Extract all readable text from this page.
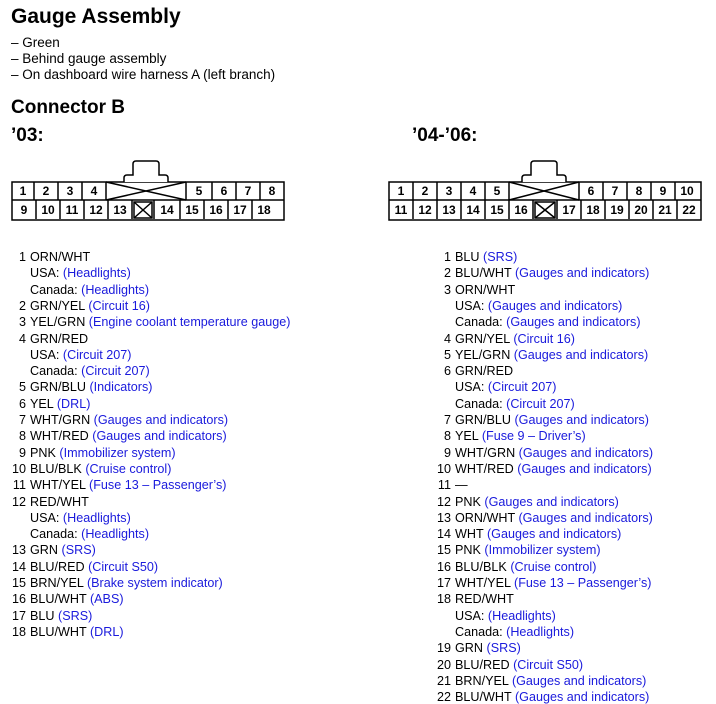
Gauge Assembly
– Green
– Behind gauge assembly
– On dashboard wire harness A (left branch)
Connector B
’03:	’04-’06:
1 2 3 4	5 6 7 8
9 10 11 12 13	14 15 16 17 18
1 2 3 4 5	6 7 8 9 10
11 12 13 14 15 16	17 18 19 20 21 22
1 ORN/WHT
USA: (Headlights)
Canada: (Headlights)
2 GRN/YEL (Circuit 16)
3 YEL/GRN (Engine coolant temperature gauge)
4 GRN/RED
USA: (Circuit 207)
Canada: (Circuit 207)
5 GRN/BLU (Indicators)
6 YEL (DRL)
7 WHT/GRN (Gauges and indicators)
8 WHT/RED (Gauges and indicators)
9 PNK (Immobilizer system)
10 BLU/BLK (Cruise control)
11 WHT/YEL (Fuse 13 – Passenger’s)
12 RED/WHT
USA: (Headlights)
Canada: (Headlights)
13 GRN (SRS)
14 BLU/RED (Circuit S50)
15 BRN/YEL (Brake system indicator)
16 BLU/WHT (ABS)
17 BLU (SRS)
18 BLU/WHT (DRL)
1 BLU (SRS)
2 BLU/WHT (Gauges and indicators)
3 ORN/WHT
USA: (Gauges and indicators)
Canada: (Gauges and indicators)
4 GRN/YEL (Circuit 16)
5 YEL/GRN (Gauges and indicators)
6 GRN/RED
USA: (Circuit 207)
Canada: (Circuit 207)
7 GRN/BLU (Gauges and indicators)
8 YEL (Fuse 9 – Driver’s)
9 WHT/GRN (Gauges and indicators)
10 WHT/RED (Gauges and indicators)
11 —
12 PNK (Gauges and indicators)
13 ORN/WHT (Gauges and indicators)
14 WHT (Gauges and indicators)
15 PNK (Immobilizer system)
16 BLU/BLK (Cruise control)
17 WHT/YEL (Fuse 13 – Passenger’s)
18 RED/WHT
USA: (Headlights)
Canada: (Headlights)
19 GRN (SRS)
20 BLU/RED (Circuit S50)
21 BRN/YEL (Gauges and indicators)
22 BLU/WHT (Gauges and indicators)
